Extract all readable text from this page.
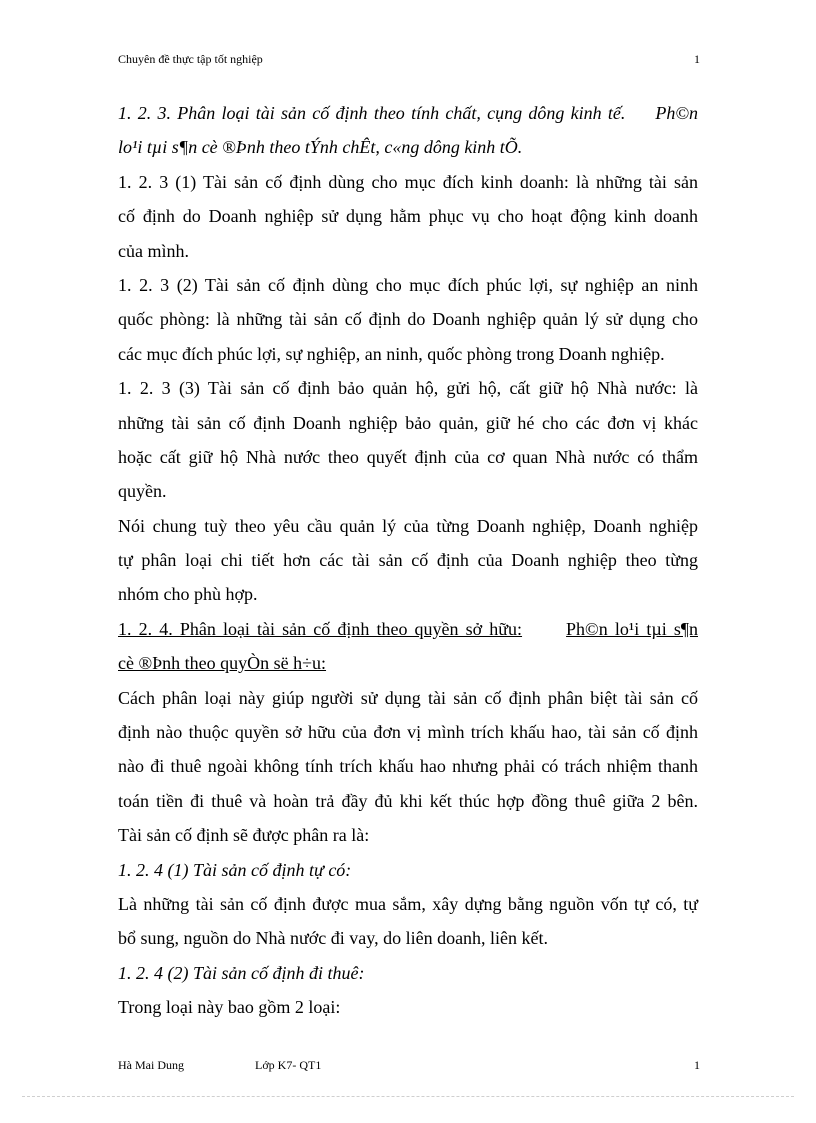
Chuyên đề thực tập tốt nghiệp	1
1. 2. 3. Phân loại tài sản cố định theo tính chất, cụng dông kinh tế. Ph©n
lo¹i tµi s¶n cè ®Þnh theo tÝnh chÊt, c«ng dông kinh tÕ.
1. 2. 3 (1) Tài sản cố định dùng cho mục đích kinh doanh: là những tài sản
cố định do Doanh nghiệp sử dụng hằm phục vụ cho hoạt động kinh doanh
của mình.
1. 2. 3 (2) Tài sản cố định dùng cho mục đích phúc lợi, sự nghiệp an ninh
quốc phòng: là những tài sản cố định do Doanh nghiệp quản lý sử dụng cho
các mục đích phúc lợi, sự nghiệp, an ninh, quốc phòng trong Doanh nghiệp.
1. 2. 3 (3) Tài sản cố định bảo quản hộ, gửi hộ, cất giữ hộ Nhà nước: là
những tài sản cố định Doanh nghiệp bảo quản, giữ hé cho các đơn vị khác
hoặc cất giữ hộ Nhà nước theo quyết định của cơ quan Nhà nước có thẩm
quyền.
Nói chung tuỳ theo yêu cầu quản lý của từng Doanh nghiệp, Doanh nghiệp
tự phân loại chi tiết hơn các tài sản cố định của Doanh nghiệp theo từng
nhóm cho phù hợp.
1. 2. 4. Phân loại tài sản cố định theo quyền sở hữu: Ph©n lo¹i tµi s¶n
cè ®Þnh theo quyÒn së h÷u:
Cách phân loại này giúp người sử dụng tài sản cố định phân biệt tài sản cố
định nào thuộc quyền sở hữu của đơn vị mình trích khấu hao, tài sản cố định
nào đi thuê ngoài không tính trích khấu hao nhưng phải có trách nhiệm thanh
toán tiền đi thuê và hoàn trả đầy đủ khi kết thúc hợp đồng thuê giữa 2 bên.
Tài sản cố định sẽ được phân ra là:
1. 2. 4 (1) Tài sản cố định tự có:
Là những tài sản cố định được mua sắm, xây dựng bằng nguồn vốn tự có, tự
bổ sung, nguồn do Nhà nước đi vay, do liên doanh, liên kết.
1. 2. 4 (2) Tài sản cố định đi thuê:
Trong loại này bao gồm 2 loại:
Hà Mai Dung	Lớp K7- QT1	1
